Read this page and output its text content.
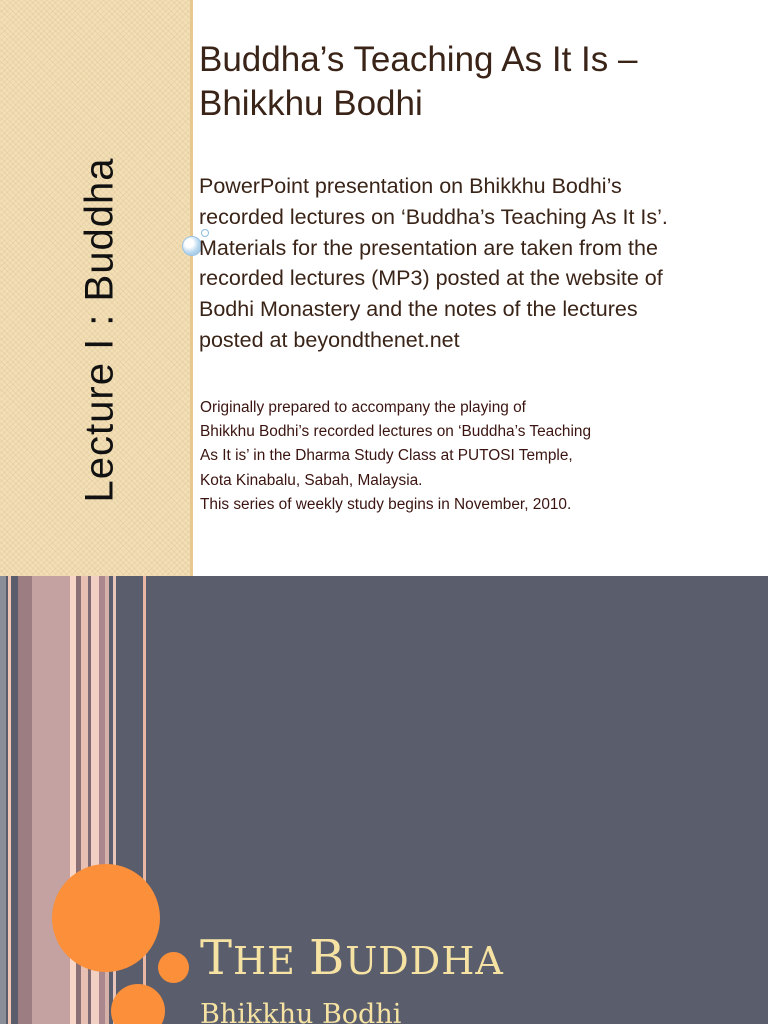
Lecture I : Buddha
Buddha’s Teaching As It Is –
Bhikkhu Bodhi

PowerPoint presentation on Bhikkhu Bodhi’s
recorded lectures on ‘Buddha’s Teaching As It Is’.
Materials for the presentation are taken from the
recorded lectures (MP3) posted at the website of
Bodhi Monastery and the notes of the lectures
posted at beyondthenet.net

Originally prepared to accompany the playing of
Bhikkhu Bodhi’s recorded lectures on ‘Buddha’s Teaching
As It is’ in the Dharma Study Class at PUTOSI Temple,
Kota Kinabalu, Sabah, Malaysia.
This series of weekly study begins in November, 2010.

THE BUDDHA

Bhikkhu Bodhi
